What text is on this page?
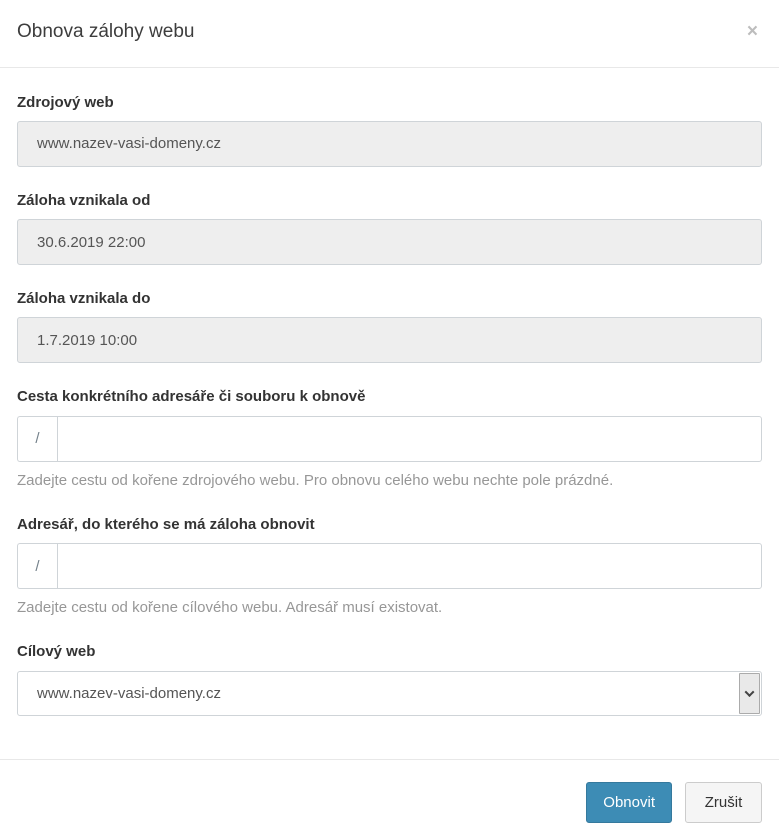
Obnova zálohy webu	×
Zdrojový web
www.nazev-vasi-domeny.cz
Záloha vznikala od
30.6.2019 22:00
Záloha vznikala do
1.7.2019 10:00
Cesta konkrétního adresáře či souboru k obnově
/

Zadejte cestu od kořene zdrojového webu. Pro obnovu celého webu nechte pole prázdné.

Adresář, do kterého se má záloha obnovit
/

Zadejte cestu od kořene cílového webu. Adresář musí existovat.

Cílový web
www.nazev-vasi-domeny.cz
Obnovit	Zrušit
